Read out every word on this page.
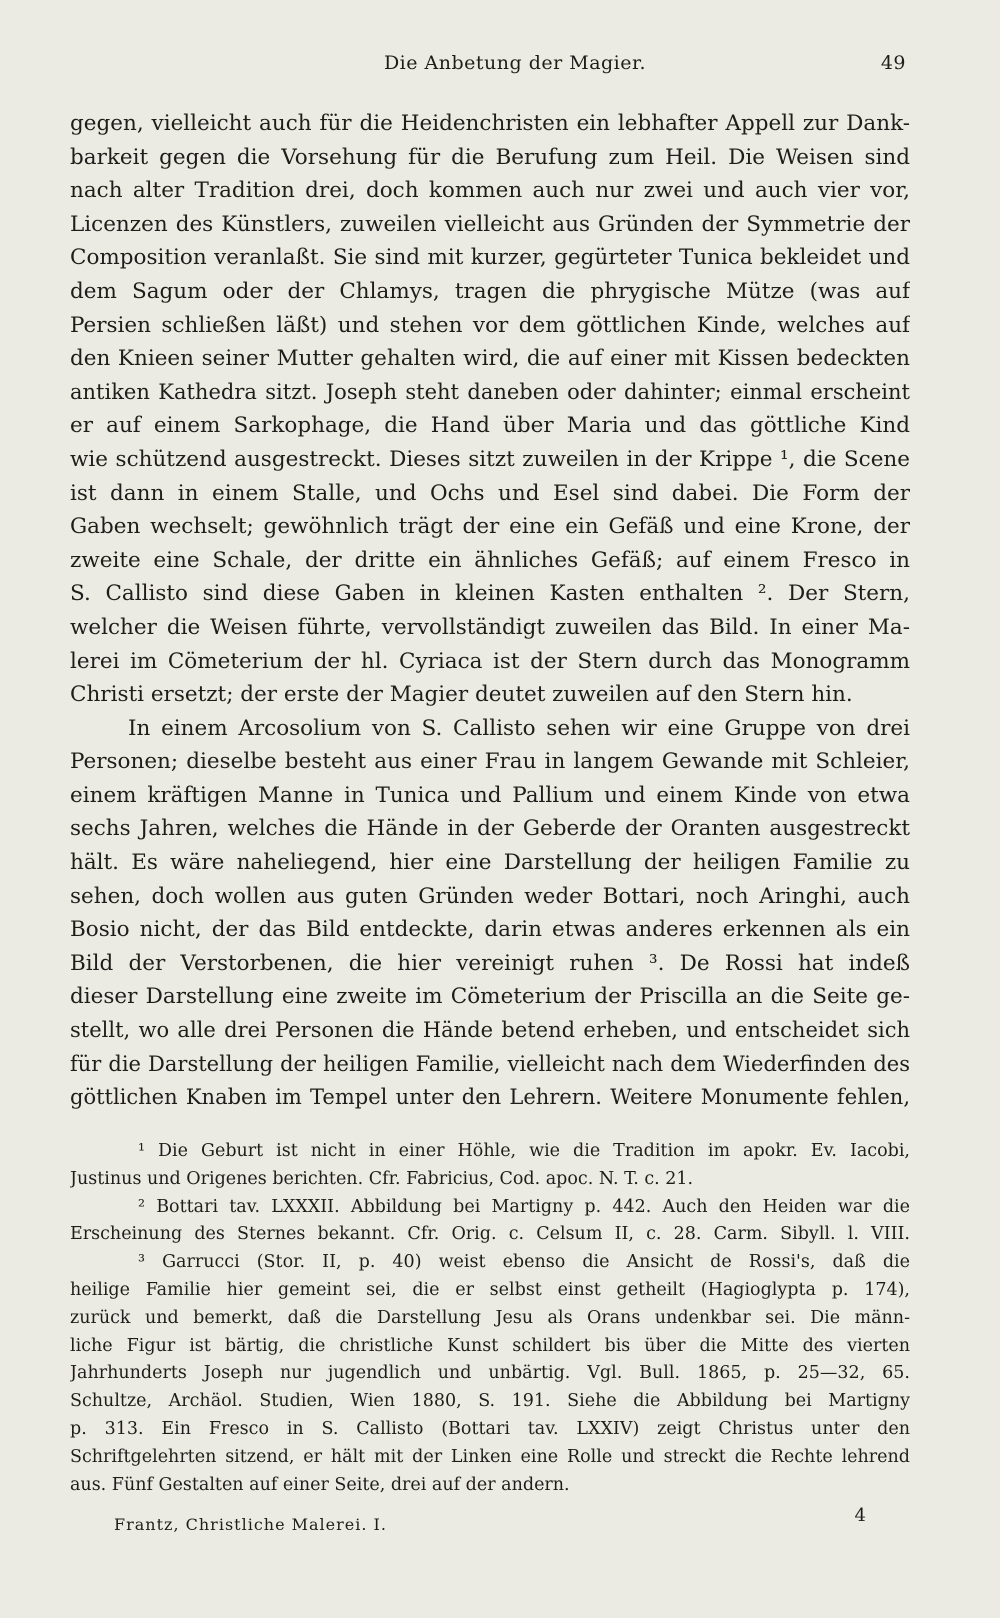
Die Anbetung der Magier.	49
gegen, vielleicht auch für die Heidenchristen ein lebhafter Appell zur Dank-
barkeit gegen die Vorsehung für die Berufung zum Heil. Die Weisen sind
nach alter Tradition drei, doch kommen auch nur zwei und auch vier vor,
Licenzen des Künstlers, zuweilen vielleicht aus Gründen der Symmetrie der
Composition veranlaßt. Sie sind mit kurzer, gegürteter Tunica bekleidet und
dem Sagum oder der Chlamys, tragen die phrygische Mütze (was auf
Persien schließen läßt) und stehen vor dem göttlichen Kinde, welches auf
den Knieen seiner Mutter gehalten wird, die auf einer mit Kissen bedeckten
antiken Kathedra sitzt. Joseph steht daneben oder dahinter; einmal erscheint
er auf einem Sarkophage, die Hand über Maria und das göttliche Kind
wie schützend ausgestreckt. Dieses sitzt zuweilen in der Krippe ¹, die Scene
ist dann in einem Stalle, und Ochs und Esel sind dabei. Die Form der
Gaben wechselt; gewöhnlich trägt der eine ein Gefäß und eine Krone, der
zweite eine Schale, der dritte ein ähnliches Gefäß; auf einem Fresco in
S. Callisto sind diese Gaben in kleinen Kasten enthalten ². Der Stern,
welcher die Weisen führte, vervollständigt zuweilen das Bild. In einer Ma-
lerei im Cömeterium der hl. Cyriaca ist der Stern durch das Monogramm
Christi ersetzt; der erste der Magier deutet zuweilen auf den Stern hin.
In einem Arcosolium von S. Callisto sehen wir eine Gruppe von drei
Personen; dieselbe besteht aus einer Frau in langem Gewande mit Schleier,
einem kräftigen Manne in Tunica und Pallium und einem Kinde von etwa
sechs Jahren, welches die Hände in der Geberde der Oranten ausgestreckt
hält. Es wäre naheliegend, hier eine Darstellung der heiligen Familie zu
sehen, doch wollen aus guten Gründen weder Bottari, noch Aringhi, auch
Bosio nicht, der das Bild entdeckte, darin etwas anderes erkennen als ein
Bild der Verstorbenen, die hier vereinigt ruhen ³. De Rossi hat indeß
dieser Darstellung eine zweite im Cömeterium der Priscilla an die Seite ge-
stellt, wo alle drei Personen die Hände betend erheben, und entscheidet sich
für die Darstellung der heiligen Familie, vielleicht nach dem Wiederfinden des
göttlichen Knaben im Tempel unter den Lehrern. Weitere Monumente fehlen,
¹ Die Geburt ist nicht in einer Höhle, wie die Tradition im apokr. Ev. Iacobi,
Justinus und Origenes berichten. Cfr. Fabricius, Cod. apoc. N. T. c. 21.
² Bottari tav. LXXXII. Abbildung bei Martigny p. 442. Auch den Heiden war die
Erscheinung des Sternes bekannt. Cfr. Orig. c. Celsum II, c. 28. Carm. Sibyll. l. VIII.
³ Garrucci (Stor. II, p. 40) weist ebenso die Ansicht de Rossi's, daß die
heilige Familie hier gemeint sei, die er selbst einst getheilt (Hagioglypta p. 174),
zurück und bemerkt, daß die Darstellung Jesu als Orans undenkbar sei. Die männ-
liche Figur ist bärtig, die christliche Kunst schildert bis über die Mitte des vierten
Jahrhunderts Joseph nur jugendlich und unbärtig. Vgl. Bull. 1865, p. 25—32, 65.
Schultze, Archäol. Studien, Wien 1880, S. 191. Siehe die Abbildung bei Martigny
p. 313. Ein Fresco in S. Callisto (Bottari tav. LXXIV) zeigt Christus unter den
Schriftgelehrten sitzend, er hält mit der Linken eine Rolle und streckt die Rechte lehrend
aus. Fünf Gestalten auf einer Seite, drei auf der andern.
Frantz, Christliche Malerei. I.	4
